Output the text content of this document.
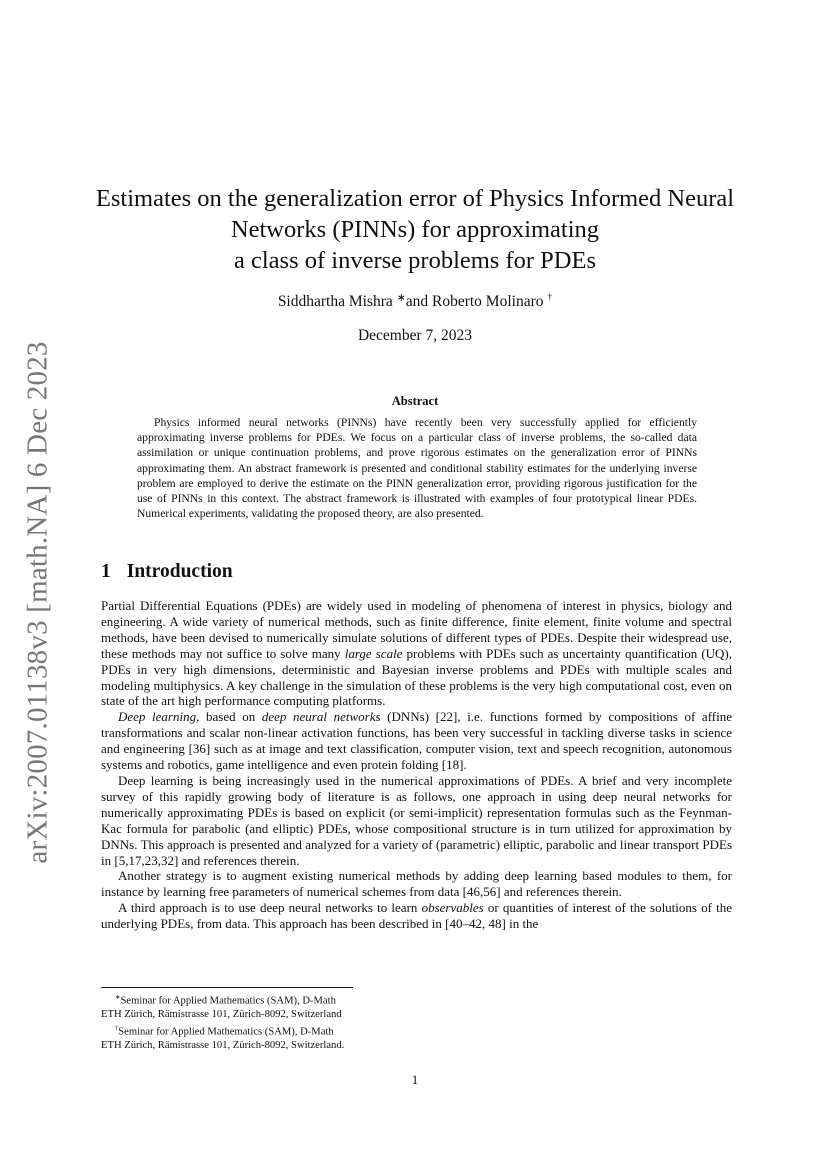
arXiv:2007.01138v3 [math.NA] 6 Dec 2023
Estimates on the generalization error of Physics Informed Neural
Networks (PINNs) for approximating
a class of inverse problems for PDEs
Siddhartha Mishra ∗and Roberto Molinaro †
December 7, 2023
Abstract
Physics informed neural networks (PINNs) have recently been very successfully applied for efficiently approximating inverse problems for PDEs. We focus on a particular class of inverse problems, the so-called data assimilation or unique continuation problems, and prove rigorous estimates on the generalization error of PINNs approximating them. An abstract framework is presented and conditional stability estimates for the underlying inverse problem are employed to derive the estimate on the PINN generalization error, providing rigorous justification for the use of PINNs in this context. The abstract framework is illustrated with examples of four prototypical linear PDEs. Numerical experiments, validating the proposed theory, are also presented.
1 Introduction

Partial Differential Equations (PDEs) are widely used in modeling of phenomena of interest in physics, biology and engineering. A wide variety of numerical methods, such as finite difference, finite element, finite volume and spectral methods, have been devised to numerically simulate solutions of different types of PDEs. Despite their widespread use, these methods may not suffice to solve many large scale problems with PDEs such as uncertainty quantification (UQ), PDEs in very high dimensions, deterministic and Bayesian inverse problems and PDEs with multiple scales and modeling multiphysics. A key challenge in the simulation of these problems is the very high computational cost, even on state of the art high performance computing platforms.

Deep learning, based on deep neural networks (DNNs) [22], i.e. functions formed by compositions of affine transformations and scalar non-linear activation functions, has been very successful in tackling diverse tasks in science and engineering [36] such as at image and text classification, computer vision, text and speech recognition, autonomous systems and robotics, game intelligence and even protein folding [18].

Deep learning is being increasingly used in the numerical approximations of PDEs. A brief and very incomplete survey of this rapidly growing body of literature is as follows, one approach in using deep neural networks for numerically approximating PDEs is based on explicit (or semi-implicit) representation formulas such as the Feynman-Kac formula for parabolic (and elliptic) PDEs, whose compositional structure is in turn utilized for approximation by DNNs. This approach is presented and analyzed for a variety of (parametric) elliptic, parabolic and linear transport PDEs in [5,17,23,32] and references therein.

Another strategy is to augment existing numerical methods by adding deep learning based modules to them, for instance by learning free parameters of numerical schemes from data [46,56] and references therein.

A third approach is to use deep neural networks to learn observables or quantities of interest of the solutions of the underlying PDEs, from data. This approach has been described in [40–42, 48] in the

∗Seminar for Applied Mathematics (SAM), D-Math
ETH Zürich, Rämistrasse 101, Zürich-8092, Switzerland
†Seminar for Applied Mathematics (SAM), D-Math
ETH Zürich, Rämistrasse 101, Zürich-8092, Switzerland.
1
